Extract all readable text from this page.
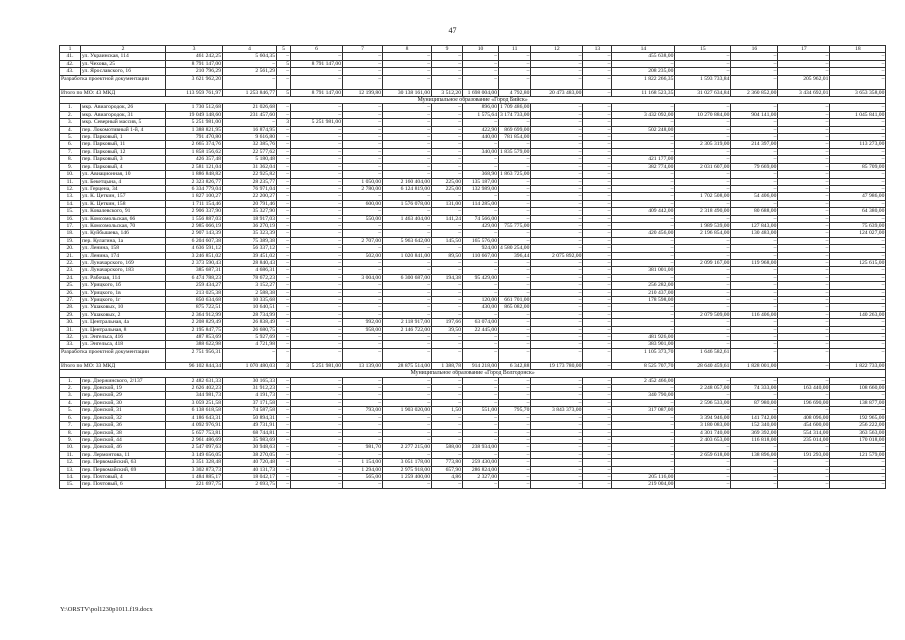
47
1	2	3	4	5	6	7	8	9	10	11	12	13	14	15	16	17	18
41.	ул. Украинская, 114	461 242,25	5 604,35	–	–	–	–	–	–	–	–	–	455 638,00	–	–	–	–
42.	ул. Чехова, 25	8 791 147,00	–	5	8 791 147,00	–	–	–	–	–	–	–	–	–	–	–	–
43.	ул. Ярославского, 16	210 796,29	2 561,29	–	–	–	–	–	–	–	–	–	208 235,00	–	–	–	–
Разработка проектной документации		3 621 962,20	–	–	–	–	–	–	–	–	–	–	1 822 266,35	1 593 733,84	–	205 962,01	–
Итого по МО: 43 МКД		113 959 761,97	1 253 846,77	5	8 791 147,00	12 199,80	30 138 161,00	3 512,20	1 698 004,00	4 792,80	20 473 483,00	–	11 168 523,35	31 027 634,84	2 360 852,00	3 434 692,01	3 653 358,00
Муниципальное образование «Город Бийск»																	
1.	мкр. Авиагородок, 26	1 730 512,68	21 026,68	–	–	–	–	–	896,00	1 709 486,00	–	–	–	–	–	–	–
2.	мкр. Авиагородок, 31	19 049 148,60	231 457,60	–	–	–	–	–	1 575,64	3 174 733,00	–	–	3 432 092,00	10 270 884,00	904 141,00	–	1 045 841,00
3.	мкр. Северный массив, 5	5 251 981,00	–	3	5 251 981,00	–	–	–	–	–	–	–	–	–	–	–	–
4.	пер. Локомотивный 1-й, 4	1 388 821,95	16 874,95	–	–	–	–	–	422,90	869 699,00	–	–	502 248,00	–	–	–	–
5.	пер. Парковый, 1	791 470,80	9 616,80	–	–	–	–	–	440,00	781 854,00	–	–	–	–	–	–	–
6.	пер. Парковый, 11	2 665 374,76	32 385,76	–	–	–	–	–	–	–	–	–	–	2 305 319,00	214 397,00	–	113 273,00
7.	пер. Парковый, 12	1 858 156,62	22 577,62	–	–	–	–	–	340,00	1 835 579,00	–	–	–	–	–	–	–
8.	пер. Парковый, 3	426 357,48	5 180,48	–	–	–	–	–	–	–	–	–	421 177,00	–	–	–	–
9.	пер. Парковый, 4	2 581 121,04	31 362,04	–	–	–	–	–	–	–	–	–	382 774,00	2 031 607,00	79 669,00	–	85 709,00
10.	ул. Авиационная, 10	1 886 848,82	22 925,82	–	–	–	–	–	368,90	1 863 725,00	–	–	–	–	–	–	–
11.	ул. Бекетцына, 4	2 323 826,77	28 235,77	–	–	1 050,00	2 160 404,00	225,00	135 187,00	–	–	–	–	–	–	–	–
12.	ул. Герцена, 34	6 334 779,04	76 971,04	–	–	2 780,00	6 124 819,00	225,00	132 989,00	–	–	–	–	–	–	–	–
13.	ул. К. Цеткин, 157	1 827 100,27	22 200,27	–	–	–	–	–	–	–	–	–	–	1 702 508,00	54 406,00	–	47 986,00
14.	ул. К. Цеткин, 158	1 711 154,46	20 791,46	–	–	600,00	1 576 078,00	131,00	114 285,00	–	–	–	–	–	–	–	–
15.	ул. Ковалевского, 91	2 906 337,90	35 327,90	–	–	–	–	–	–	–	–	–	409 442,00	2 318 490,00	80 688,00	–	64 380,00
16.	ул. Комсомольская, 66	1 556 887,03	18 917,03	–	–	550,00	1 463 404,00	141,24	74 566,00	–	–	–	–	–	–	–	–
17.	ул. Комсомольская, 70	2 985 066,19	36 270,19	–	–	–	–	–	429,00	755 775,00	–	–	–	1 989 539,00	127 843,00	–	75 639,00
18.	ул. Куйбышева, 146	2 907 143,39	35 323,39	–	–	–	–	–	–	–	–	–	420 456,00	2 196 854,00	130 483,00	–	124 027,00
19.	пер. Кулагина, 1а	6 204 607,38	75 389,38	–	–	2 707,00	5 963 642,00	145,50	165 576,00	–	–	–	–	–	–	–	–
20.	ул. Ленина, 158	4 636 591,12	56 337,12	–	–	–	–	–	924,00	4 580 254,00	–	–	–	–	–	–	–
21.	ул. Ленина, 174	3 246 851,02	39 451,02	–	–	502,00	1 020 841,00	89,50	110 667,00	396,44	2 075 892,00	–	–	–	–	–	–
22.	ул. Луначарского, 169	2 373 590,43	28 840,43	–	–	–	–	–	–	–	–	–	–	2 099 167,00	119 968,00	–	125 615,00
23.	ул. Луначарского, 183	385 687,31	4 686,31	–	–	–	–	–	–	–	–	–	381 001,00	–	–	–	–
24.	ул. Рабочая, 114	6 474 788,23	78 672,23	–	–	3 004,00	6 300 687,00	194,38	95 429,00	–	–	–	–	–	–	–	–
25.	ул. Урицкого, 1б	259 434,27	3 152,27	–	–	–	–	–	–	–	–	–	256 282,00	–	–	–	–
26.	ул. Урицкого, 1в	213 025,38	2 588,38	–	–	–	–	–	–	–	–	–	210 437,00	–	–	–	–
27.	ул. Урицкого, 1г	850 634,68	10 335,68	–	–	–	–	–	120,00	661 701,00	–	–	178 598,00	–	–	–	–
28.	ул. Ушаковых, 10	875 722,51	10 640,51	–	–	–	–	–	430,00	865 082,00	–	–	–	–	–	–	–
29.	ул. Ушаковых, 2	2 364 912,99	28 734,99	–	–	–	–	–	–	–	–	–	–	2 079 509,00	116 406,00	–	140 263,00
30.	ул. Центральная, 4а	2 208 829,49	26 838,49	–	–	992,00	2 118 917,00	197,66	63 074,00	–	–	–	–	–	–	–	–
31.	ул. Центральная, 8	2 195 847,75	26 680,75	–	–	958,00	2 146 722,00	39,50	22 445,00	–	–	–	–	–	–	–	–
32.	ул. Энгельса, 416	487 853,69	5 927,69	–	–	–	–	–	–	–	–	–	481 926,00	–	–	–	–
33.	ул. Энгельса, 418	388 622,98	4 721,98	–	–	–	–	–	–	–	–	–	383 901,00	–	–	–	–
Разработка проектной документации		2 751 956,31	–	–	–	–	–	–	–	–	–	–	1 105 373,70	1 646 582,61	–	–	–
Итого по МО: 33 МКД		96 102 844,34	1 070 480,03	3	5 251 981,00	13 139,00	28 875 514,00	1 388,78	914 218,00	6 342,88	19 173 780,00	–	8 525 707,70	28 640 459,61	1 828 001,00	–	1 822 733,00
Муниципальное образование «Город Волгодонск»																	
1.	пер. Дзержинского, 2/137	2 482 631,33	30 165,33	–	–	–	–	–	–	–	–	–	2 452 466,00	–	–	–	–
2.	пер. Донской, 19	2 626 402,23	31 912,23	–	–	–	–	–	–	–	–	–	–	2 248 057,00	74 333,00	163 440,00	108 660,00
3.	пер. Донской, 29	344 981,73	4 191,73	–	–	–	–	–	–	–	–	–	340 790,00	–	–	–	–
4.	пер. Донской, 30	3 059 251,58	37 171,58	–	–	–	–	–	–	–	–	–	–	2 596 533,00	87 980,00	196 690,00	138 877,00
5.	пер. Донской, 31	6 138 618,58	74 587,58	–	–	793,00	1 903 020,00	1,50	551,00	795,70	3 843 373,00	–	317 087,00	–	–	–	–
6.	пер. Донской, 32	4 186 643,31	50 894,31	–	–	–	–	–	–	–	–	–	–	3 394 946,00	141 742,00	408 096,00	192 965,00
7.	пер. Донской, 36	4 092 976,91	49 731,91	–	–	–	–	–	–	–	–	–	–	3 180 083,00	152 340,00	454 600,00	256 222,00
8.	пер. Донской, 38	5 657 753,81	68 744,81	–	–	–	–	–	–	–	–	–	–	4 301 740,00	369 392,00	554 314,00	363 563,00
9.	пер. Донской, 44	2 961 486,69	35 983,69	–	–	–	–	–	–	–	–	–	–	2 403 653,00	116 818,00	235 014,00	170 018,00
10.	пер. Донской, 46	2 547 097,63	30 948,63	–	–	981,70	2 277 215,00	588,00	238 934,00	–	–	–	–	–	–	–	–
11.	пер. Лермонтова, 11	3 149 656,05	38 270,05	–	–	–	–	–	–	–	–	–	–	2 659 618,00	138 896,00	191 293,00	121 579,00
12.	пер. Первомайский, 63	3 351 328,48	40 720,48	–	–	1 154,00	3 051 178,00	773,80	259 430,00	–	–	–	–	–	–	–	–
13.	пер. Первомайский, 69	3 302 873,73	40 131,73	–	–	1 294,00	2 975 918,00	657,90	286 824,00	–	–	–	–	–	–	–	–
14.	пер. Почтовый, 4	1 484 885,17	18 042,17	–	–	565,00	1 259 400,00	4,86	2 327,00	–	–	–	205 116,00	–	–	–	–
15.	пер. Почтовый, 6	221 697,75	2 693,75	–	–	–	–	–	–	–	–	–	219 004,00	–	–	–	–
Y:\ORSTV\pol1230p1011.f19.docx
